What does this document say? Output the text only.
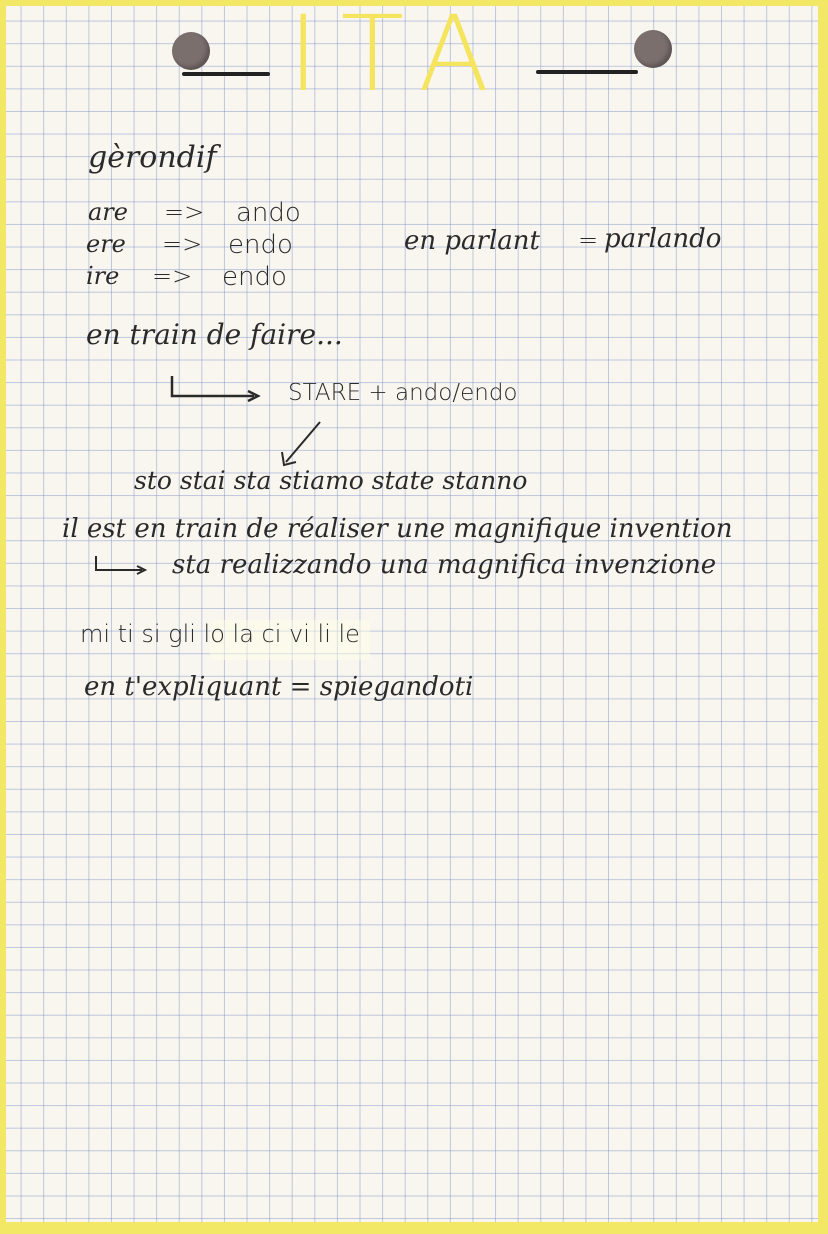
ITA
gèrondif
are => ando
ere => endo
ire => endo
en parlant = parlando
en train de faire...
STARE + ando/endo
sto stai sta stiamo state stanno
il est en train de réaliser une magnifique invention
sta realizzando una magnifica invenzione
mi ti si gli lo la ci vi li le
en t'expliquant = spiegandoti
